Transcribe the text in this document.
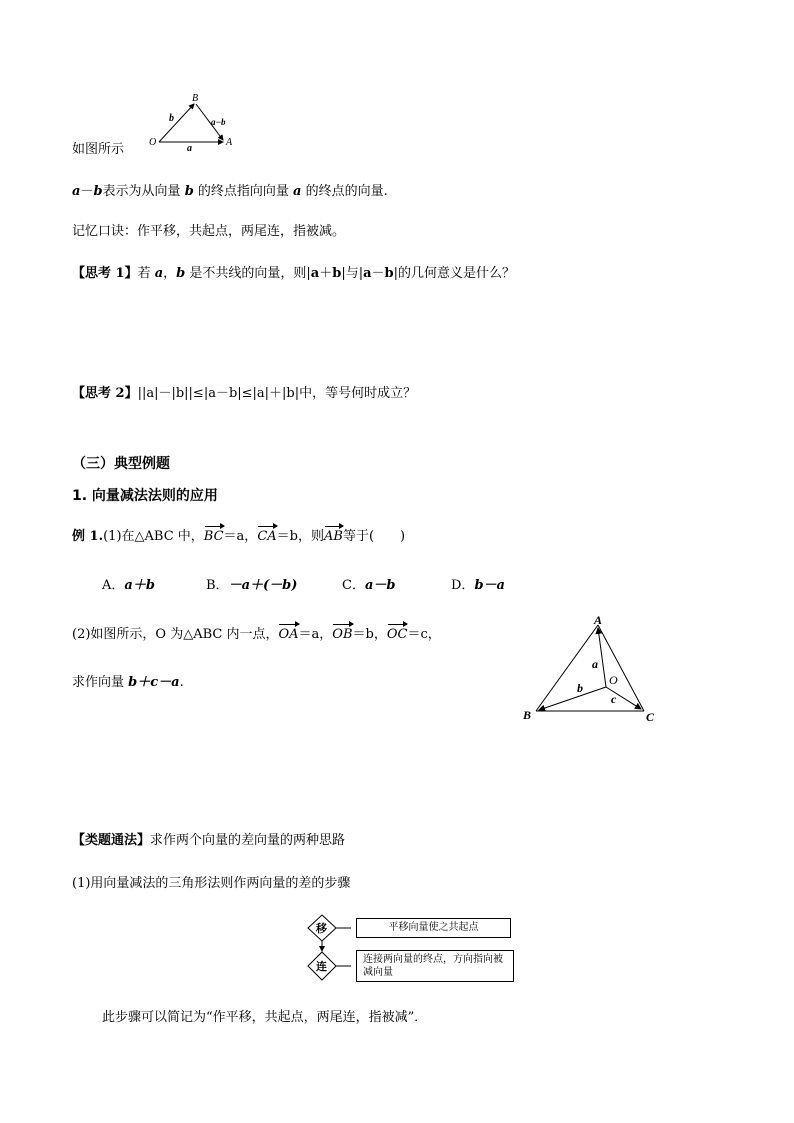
B
O	A
b
a
a−b
如图所示
a－b表示为从向量 b 的终点指向向量 a 的终点的向量.
记忆口诀：作平移，共起点，两尾连，指被减。
【思考 1】若 a，b 是不共线的向量，则|a＋b|与|a－b|的几何意义是什么？
【思考 2】||a|－|b||≤|a－b|≤|a|＋|b|中，等号何时成立？
（三）典型例题
1. 向量减法法则的应用
例 1.(1)在△ABC 中，BC＝a，CA＝b，则AB等于(　　)
A．a＋b	B．－a＋(－b)	C．a－b	D．b－a
(2)如图所示，O 为△ABC 内一点，OA＝a，OB＝b，OC＝c，
求作向量 b＋c－a.
A
B	C
O
a
b
c
【类题通法】求作两个向量的差向量的两种思路
(1)用向量减法的三角形法则作两向量的差的步骤
移
连
平移向量使之共起点
连接两向量的终点，方向指向被减向量
此步骤可以简记为“作平移，共起点，两尾连，指被减”．
